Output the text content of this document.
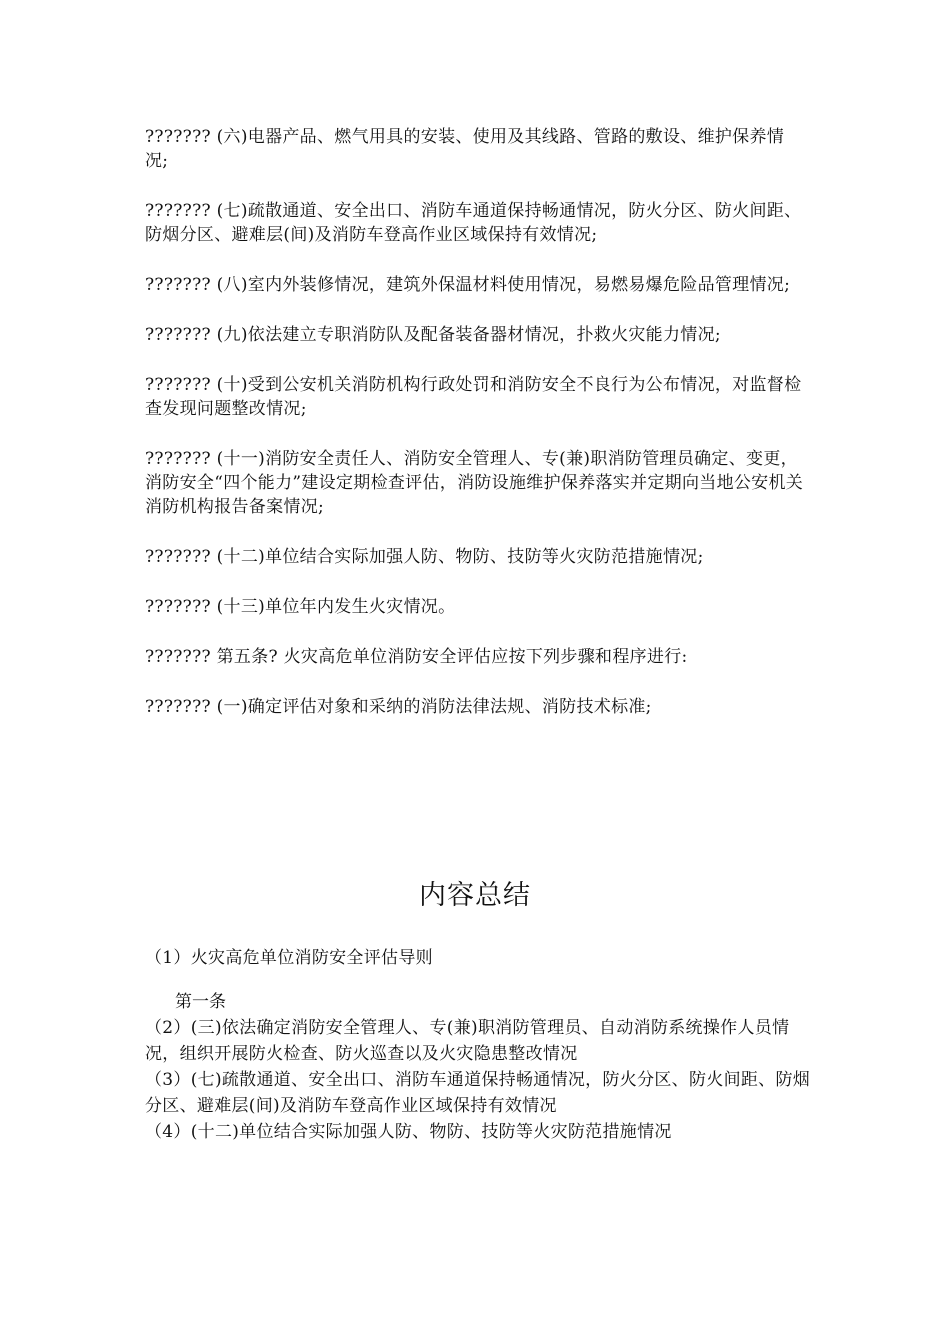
??????? (六)电器产品、燃气用具的安装、使用及其线路、管路的敷设、维护保养情况;

??????? (七)疏散通道、安全出口、消防车通道保持畅通情况，防火分区、防火间距、防烟分区、避难层(间)及消防车登高作业区域保持有效情况;

??????? (八)室内外装修情况，建筑外保温材料使用情况，易燃易爆危险品管理情况;

??????? (九)依法建立专职消防队及配备装备器材情况，扑救火灾能力情况;

??????? (十)受到公安机关消防机构行政处罚和消防安全不良行为公布情况，对监督检查发现问题整改情况;

??????? (十一)消防安全责任人、消防安全管理人、专(兼)职消防管理员确定、变更，消防安全“四个能力”建设定期检查评估，消防设施维护保养落实并定期向当地公安机关消防机构报告备案情况;

??????? (十二)单位结合实际加强人防、物防、技防等火灾防范措施情况;

??????? (十三)单位年内发生火灾情况。

??????? 第五条? 火灾高危单位消防安全评估应按下列步骤和程序进行:

??????? (一)确定评估对象和采纳的消防法律法规、消防技术标准;

内容总结
（1）火灾高危单位消防安全评估导则
第一条
（2）(三)依法确定消防安全管理人、专(兼)职消防管理员、自动消防系统操作人员情况，组织开展防火检查、防火巡查以及火灾隐患整改情况
（3）(七)疏散通道、安全出口、消防车通道保持畅通情况，防火分区、防火间距、防烟分区、避难层(间)及消防车登高作业区域保持有效情况
（4）(十二)单位结合实际加强人防、物防、技防等火灾防范措施情况
